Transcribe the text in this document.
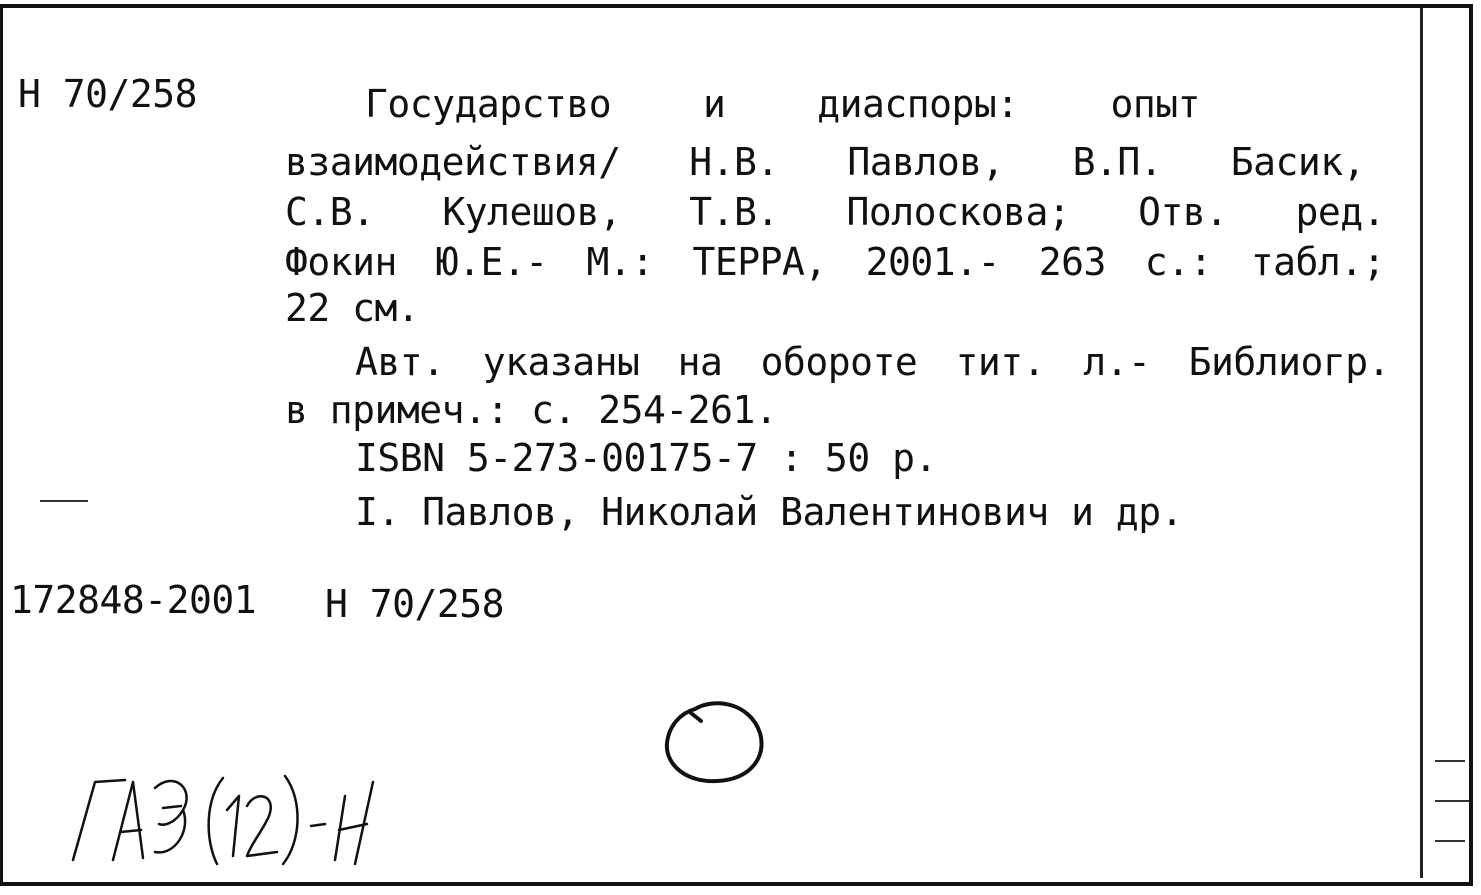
Н 70/258	Государство и диаспоры: опыт
взаимодействия/ Н.В. Павлов, В.П. Басик,
С.В. Кулешов, Т.В. Полоскова; Отв. ред.
Фокин Ю.Е.- М.: ТЕРРА, 2001.- 263 с.: табл.;
22 см.
Авт. указаны на обороте тит. л.- Библиогр.
в примеч.: с. 254-261.
ISBN 5-273-00175-7 : 50 р.
I. Павлов, Николай Валентинович и др.
172848-2001 Н 70/258
